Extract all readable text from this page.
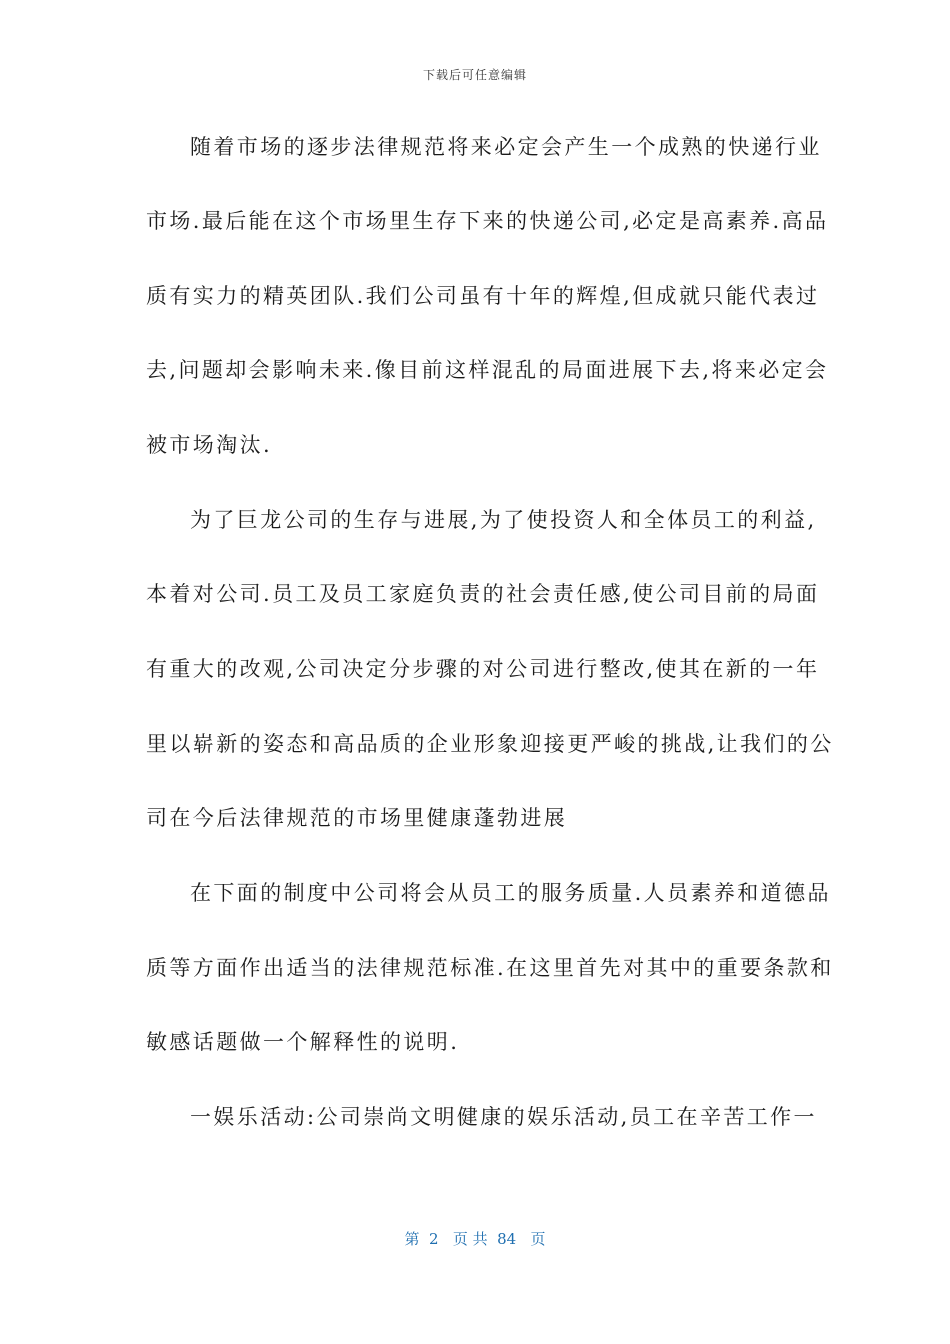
下载后可任意编辑
随着市场的逐步法律规范将来必定会产生一个成熟的快递行业
市场.最后能在这个市场里生存下来的快递公司,必定是高素养.高品
质有实力的精英团队.我们公司虽有十年的辉煌,但成就只能代表过
去,问题却会影响未来.像目前这样混乱的局面进展下去,将来必定会
被市场淘汰.
为了巨龙公司的生存与进展,为了使投资人和全体员工的利益,
本着对公司.员工及员工家庭负责的社会责任感,使公司目前的局面
有重大的改观,公司决定分步骤的对公司进行整改,使其在新的一年
里以崭新的姿态和高品质的企业形象迎接更严峻的挑战,让我们的公
司在今后法律规范的市场里健康蓬勃进展
在下面的制度中公司将会从员工的服务质量.人员素养和道德品
质等方面作出适当的法律规范标准.在这里首先对其中的重要条款和
敏感话题做一个解释性的说明.
一娱乐活动:公司崇尚文明健康的娱乐活动,员工在辛苦工作一
第  2   页 共  84   页
